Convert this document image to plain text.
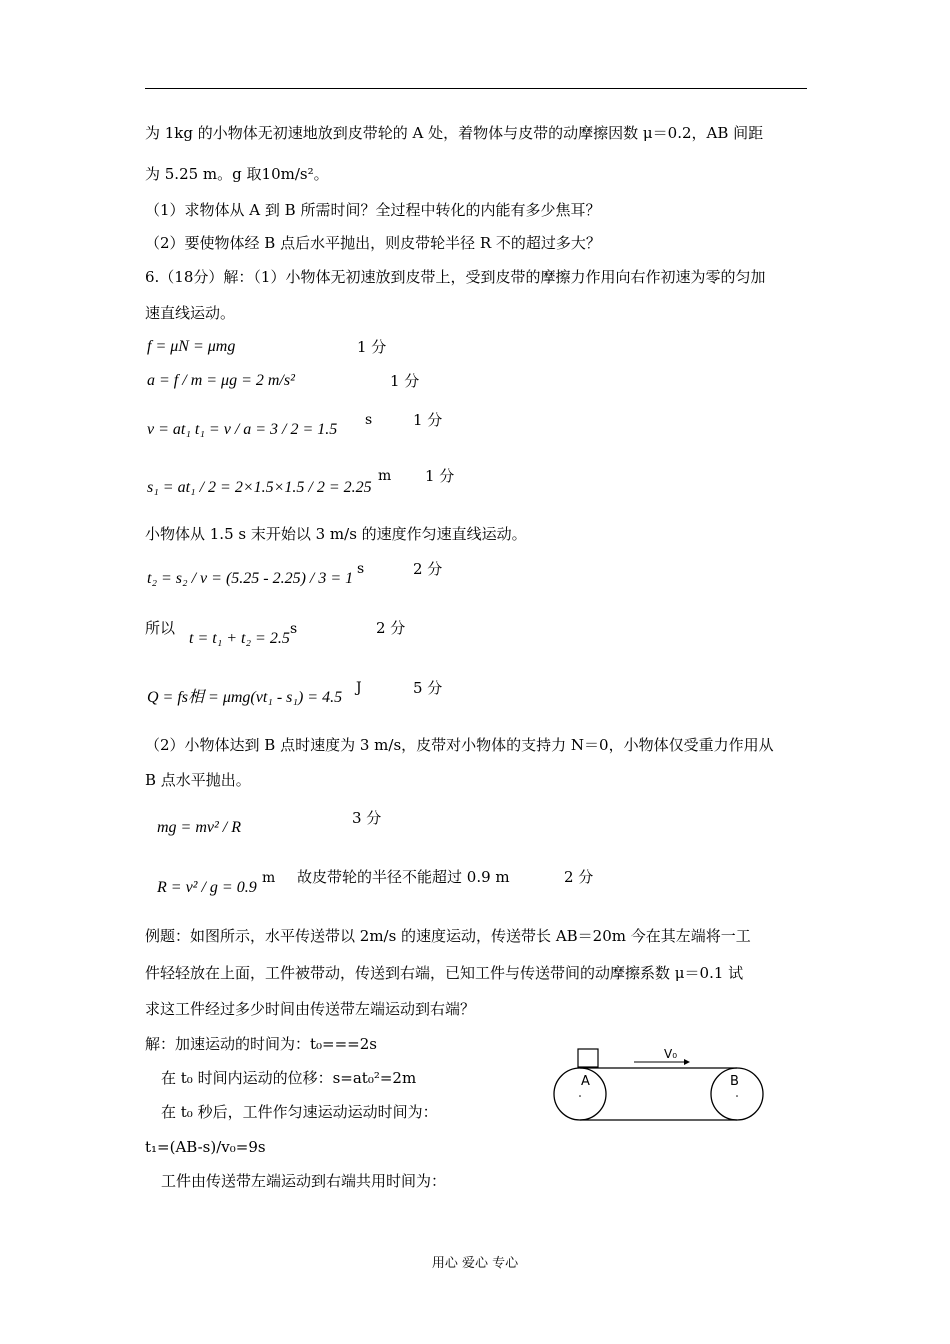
为 1kg 的小物体无初速地放到皮带轮的 A 处，着物体与皮带的动摩擦因数 μ＝0.2，AB 间距
为 5.25 m。g 取10m/s²。
（1）求物体从 A 到 B 所需时间？全过程中转化的内能有多少焦耳？
（2）要使物体经 B 点后水平抛出，则皮带轮半径 R 不的超过多大？
6.（18分）解：（1）小物体无初速放到皮带上，受到皮带的摩擦力作用向右作初速为零的匀加
速直线运动。
f = μN = μmg	1 分
a = f / m = μg = 2 m/s²	1 分
v = at₁ t₁ = v / a = 3 / 2 = 1.5
s	1 分
s₁ = at₁ / 2 = 2×1.5×1.5 / 2 = 2.25
m 1 分
小物体从 1.5 s 末开始以 3 m/s 的速度作匀速直线运动。
t₂ = s₂ / v = (5.25 - 2.25) / 3 = 1
s	2 分
所以
t = t₁ + t₂ = 2.5
s	2 分
Q = fs相 = μmg(vt₁ - s₁) = 4.5
J	5 分
（2）小物体达到 B 点时速度为 3 m/s，皮带对小物体的支持力 N＝0，小物体仅受重力作用从
B 点水平抛出。
mg = mv² / R
3 分
R = v² / g = 0.9
m 故皮带轮的半径不能超过 0.9 m	2 分
例题：如图所示，水平传送带以 2m/s 的速度运动，传送带长 AB＝20m 今在其左端将一工
件轻轻放在上面，工件被带动，传送到右端，已知工件与传送带间的动摩擦系数 μ＝0.1 试
求这工件经过多少时间由传送带左端运动到右端？
解：加速运动的时间为：t₀===2s
在 t₀ 时间内运动的位移：s=at₀²=2m
在 t₀ 秒后，工件作匀速运动运动时间为：
t₁=(AB-s)/v₀=9s
工件由传送带左端运动到右端共用时间为：
V₀
A	B
用心 爱心 专心
